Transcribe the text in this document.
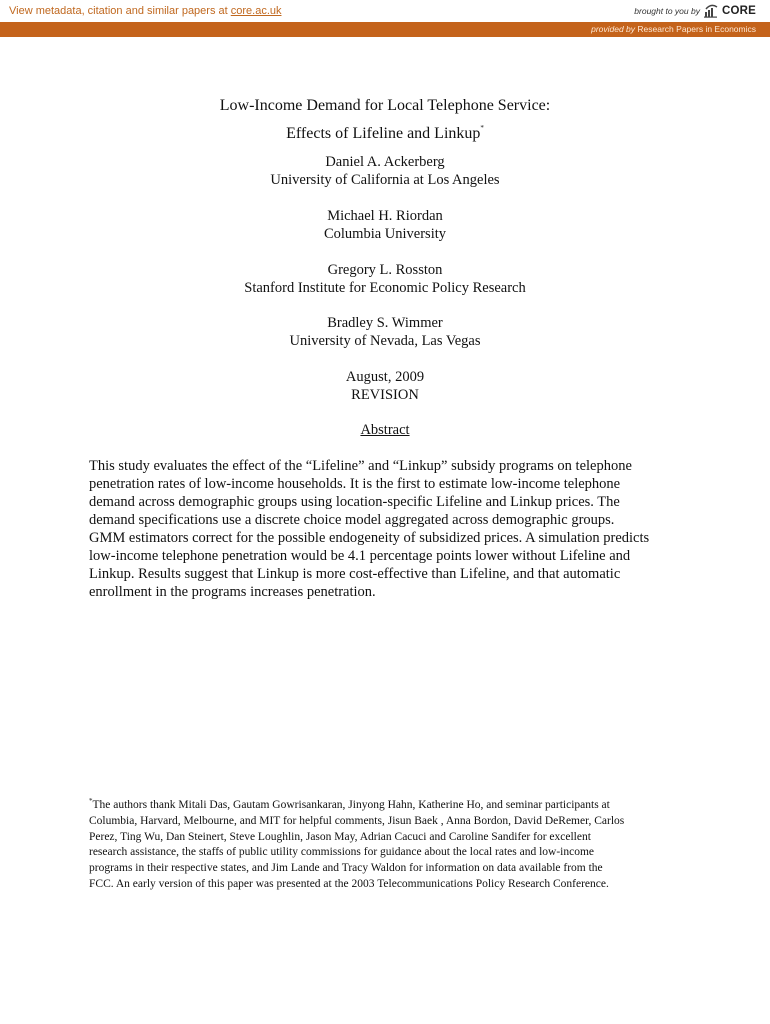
View metadata, citation and similar papers at core.ac.uk	brought to you by CORE
provided by Research Papers in Economics
Low-Income Demand for Local Telephone Service:
Effects of Lifeline and Linkup*
Daniel A. Ackerberg
University of California at Los Angeles
Michael H. Riordan
Columbia University
Gregory L. Rosston
Stanford Institute for Economic Policy Research
Bradley S. Wimmer
University of Nevada, Las Vegas
August, 2009
REVISION
Abstract
This study evaluates the effect of the “Lifeline” and “Linkup” subsidy programs on telephone
penetration rates of low-income households. It is the first to estimate low-income telephone
demand across demographic groups using location-specific Lifeline and Linkup prices. The
demand specifications use a discrete choice model aggregated across demographic groups.
GMM estimators correct for the possible endogeneity of subsidized prices. A simulation predicts
low-income telephone penetration would be 4.1 percentage points lower without Lifeline and
Linkup. Results suggest that Linkup is more cost-effective than Lifeline, and that automatic
enrollment in the programs increases penetration.
*The authors thank Mitali Das, Gautam Gowrisankaran, Jinyong Hahn, Katherine Ho, and seminar participants at
Columbia, Harvard, Melbourne, and MIT for helpful comments, Jisun Baek , Anna Bordon, David DeRemer, Carlos
Perez, Ting Wu, Dan Steinert, Steve Loughlin, Jason May, Adrian Cacuci and Caroline Sandifer for excellent
research assistance, the staffs of public utility commissions for guidance about the local rates and low-income
programs in their respective states, and Jim Lande and Tracy Waldon for information on data available from the
FCC. An early version of this paper was presented at the 2003 Telecommunications Policy Research Conference.
